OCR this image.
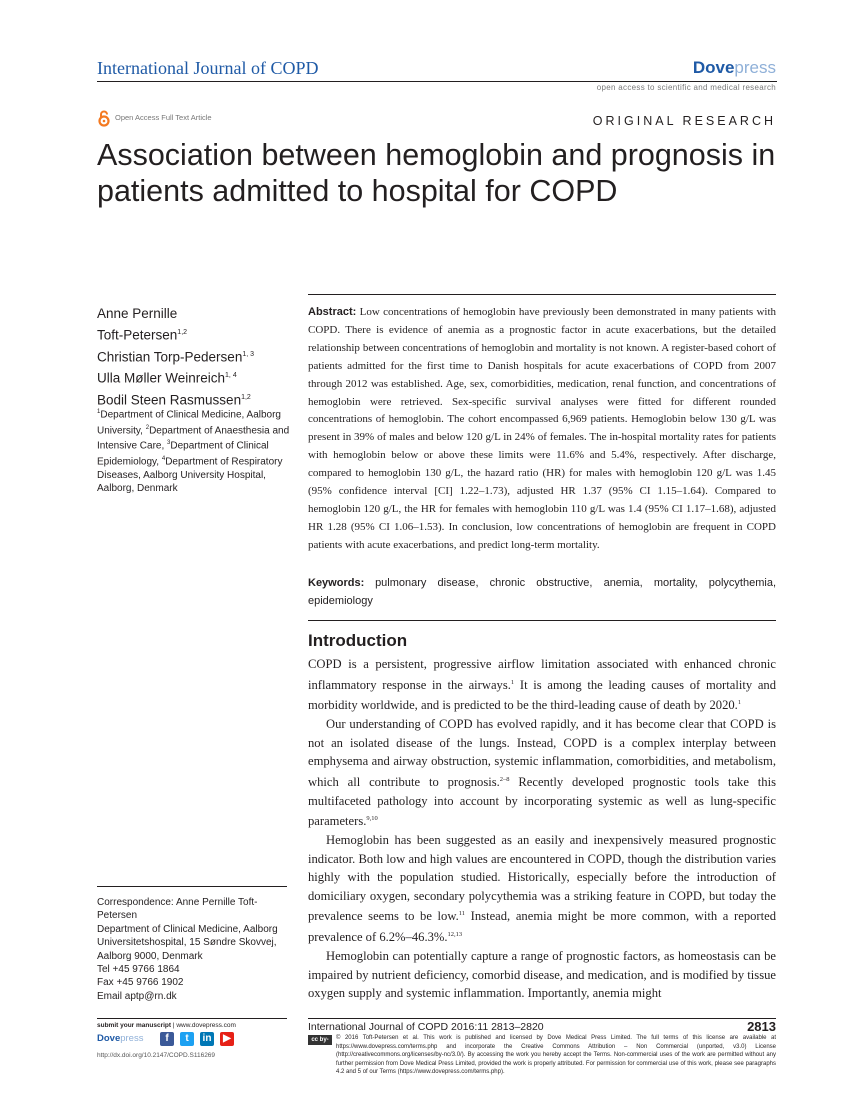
International Journal of COPD	Dovepress
open access to scientific and medical research
Open Access Full Text Article	ORIGINAL RESEARCH
Association between hemoglobin and prognosis in patients admitted to hospital for COPD
Anne Pernille
Toft-Petersen$^{1,2}$
Christian Torp-Pedersen$^{1, 3}$
Ulla Møller Weinreich$^{1, 4}$
Bodil Steen Rasmussen$^{1,2}$
$^1$Department of Clinical Medicine, Aalborg University, $^2$Department of Anaesthesia and Intensive Care, $^3$Department of Clinical Epidemiology, $^4$Department of Respiratory Diseases, Aalborg University Hospital, Aalborg, Denmark
Correspondence: Anne Pernille Toft-Petersen
Department of Clinical Medicine, Aalborg Universitetshospital, 15 Søndre Skovvej, Aalborg 9000, Denmark
Tel +45 9766 1864
Fax +45 9766 1902
Email aptp@rn.dk
Abstract: Low concentrations of hemoglobin have previously been demonstrated in many patients with COPD. There is evidence of anemia as a prognostic factor in acute exacerbations, but the detailed relationship between concentrations of hemoglobin and mortality is not known. A register-based cohort of patients admitted for the first time to Danish hospitals for acute exacerbations of COPD from 2007 through 2012 was established. Age, sex, comorbidities, medication, renal function, and concentrations of hemoglobin were retrieved. Sex-specific survival analyses were fitted for different rounded concentrations of hemoglobin. The cohort encompassed 6,969 patients. Hemoglobin below 130 g/L was present in 39% of males and below 120 g/L in 24% of females. The in-hospital mortality rates for patients with hemoglobin below or above these limits were 11.6% and 5.4%, respectively. After discharge, compared to hemoglobin 130 g/L, the hazard ratio (HR) for males with hemoglobin 120 g/L was 1.45 (95% confidence interval [CI] 1.22–1.73), adjusted HR 1.37 (95% CI 1.15–1.64). Compared to hemoglobin 120 g/L, the HR for females with hemoglobin 110 g/L was 1.4 (95% CI 1.17–1.68), adjusted HR 1.28 (95% CI 1.06–1.53). In conclusion, low concentrations of hemoglobin are frequent in COPD patients with acute exacerbations, and predict long-term mortality.
Keywords: pulmonary disease, chronic obstructive, anemia, mortality, polycythemia, epidemiology
Introduction

COPD is a persistent, progressive airflow limitation associated with enhanced chronic inflammatory response in the airways.$^1$ It is among the leading causes of mortality and morbidity worldwide, and is predicted to be the third-leading cause of death by 2020.$^1$

Our understanding of COPD has evolved rapidly, and it has become clear that COPD is not an isolated disease of the lungs. Instead, COPD is a complex interplay between emphysema and airway obstruction, systemic inflammation, comorbidities, and metabolism, which all contribute to prognosis.$^{2-8}$ Recently developed prognostic tools take this multifaceted pathology into account by incorporating systemic as well as lung-specific parameters.$^{9,10}$

Hemoglobin has been suggested as an easily and inexpensively measured prognostic indicator. Both low and high values are encountered in COPD, though the distribution varies highly with the population studied. Historically, especially before the introduction of domiciliary oxygen, secondary polycythemia was a striking feature in COPD, but today the prevalence seems to be low.$^{11}$ Instead, anemia might be more common, with a reported prevalence of 6.2%–46.3%.$^{12,13}$

Hemoglobin can potentially capture a range of prognostic factors, as homeostasis can be impaired by nutrient deficiency, comorbid disease, and medication, and is modified by tissue oxygen supply and systemic inflammation. Importantly, anemia might

submit your manuscript | www.dovepress.com
Dovepress	f	t	in	▶
http://dx.doi.org/10.2147/COPD.S116269
International Journal of COPD 2016:11 2813–2820	2813
cc by-nc
© 2016 Toft-Petersen et al. This work is published and licensed by Dove Medical Press Limited. The full terms of this license are available at https://www.dovepress.com/terms.php and incorporate the Creative Commons Attribution – Non Commercial (unported, v3.0) License (http://creativecommons.org/licenses/by-nc/3.0/). By accessing the work you hereby accept the Terms. Non-commercial uses of the work are permitted without any further permission from Dove Medical Press Limited, provided the work is properly attributed. For permission for commercial use of this work, please see paragraphs 4.2 and 5 of our Terms (https://www.dovepress.com/terms.php).
